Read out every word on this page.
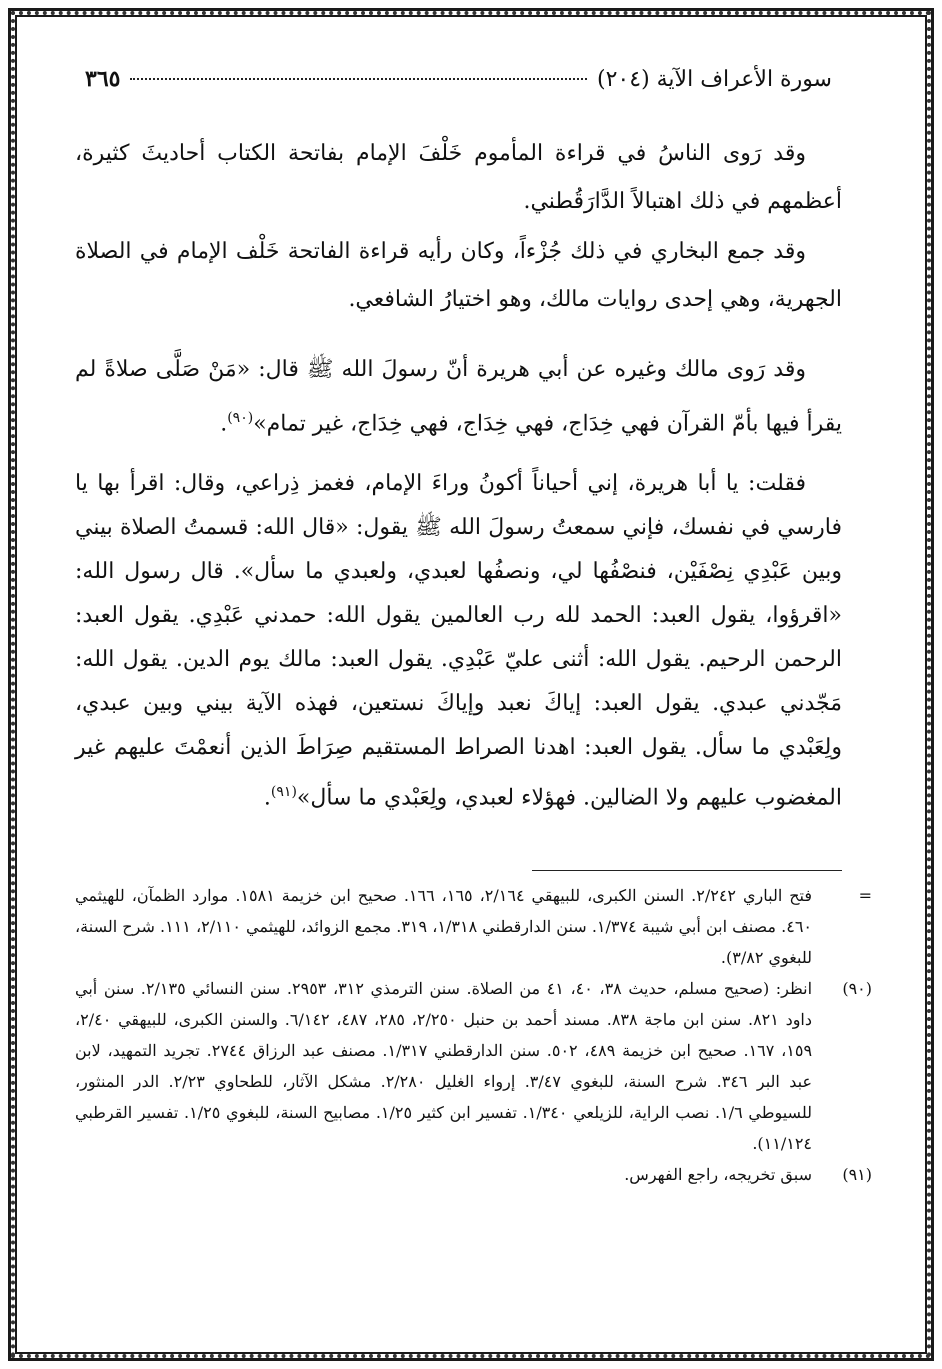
سورة الأعراف الآية (٢٠٤)
٣٦٥

وقد رَوى الناسُ في قراءة المأموم خَلْفَ الإمام بفاتحة الكتاب أحاديثَ كثيرة، أعظمهم في ذلك اهتبالاً الدَّارَقُطني.

وقد جمع البخاري في ذلك جُزْءاً، وكان رأيه قراءة الفاتحة خَلْف الإمام في الصلاة الجهرية، وهي إحدى روايات مالك، وهو اختيارُ الشافعي.

وقد رَوى مالك وغيره عن أبي هريرة أنّ رسولَ الله ﷺ قال: «مَنْ صَلَّى صلاةً لم يقرأ فيها بأمّ القرآن فهي خِدَاج، فهي خِدَاج، فهي خِدَاج، غير تمام»$^{(٩٠)}$.

فقلت: يا أبا هريرة، إني أحياناً أكونُ وراءَ الإمام، فغمز ذِراعي، وقال: اقرأ بها يا فارسي في نفسك، فإني سمعتُ رسولَ الله ﷺ يقول: «قال الله: قسمتُ الصلاة بيني وبين عَبْدِي نِصْفَيْن، فنصْفُها لي، ونصفُها لعبدي، ولعبدي ما سأل». قال رسول الله: «اقرؤوا، يقول العبد: الحمد لله رب العالمين يقول الله: حمدني عَبْدِي. يقول العبد: الرحمن الرحيم. يقول الله: أثنى عليّ عَبْدِي. يقول العبد: مالك يوم الدين. يقول الله: مَجّدني عبدي. يقول العبد: إياكَ نعبد وإياكَ نستعين، فهذه الآية بيني وبين عبدي، ولِعَبْدي ما سأل. يقول العبد: اهدنا الصراط المستقيم صِرَاطَ الذين أنعمْتَ عليهم غير المغضوب عليهم ولا الضالين. فهؤلاء لعبدي، ولِعَبْدي ما سأل»$^{(٩١)}$.

=
فتح الباري ٢/٢٤٢. السنن الكبرى، للبيهقي ٢/١٦٤، ١٦٥، ١٦٦. صحيح ابن خزيمة ١٥٨١. موارد الظمآن، للهيثمي ٤٦٠. مصنف ابن أبي شيبة ١/٣٧٤. سنن الدارقطني ١/٣١٨، ٣١٩. مجمع الزوائد، للهيثمي ٢/١١٠، ١١١. شرح السنة، للبغوي ٣/٨٢).
(٩٠)
انظر: (صحيح مسلم، حديث ٣٨، ٤٠، ٤١ من الصلاة. سنن الترمذي ٣١٢، ٢٩٥٣. سنن النسائي ٢/١٣٥. سنن أبي داود ٨٢١. سنن ابن ماجة ٨٣٨. مسند أحمد بن حنبل ٢/٢٥٠، ٢٨٥، ٤٨٧، ٦/١٤٢. والسنن الكبرى، للبيهقي ٢/٤٠، ١٥٩، ١٦٧. صحيح ابن خزيمة ٤٨٩، ٥٠٢. سنن الدارقطني ١/٣١٧. مصنف عبد الرزاق ٢٧٤٤. تجريد التمهيد، لابن عبد البر ٣٤٦. شرح السنة، للبغوي ٣/٤٧. إرواء الغليل ٢/٢٨٠. مشكل الآثار، للطحاوي ٢/٢٣. الدر المنثور، للسيوطي ١/٦. نصب الراية، للزيلعي ١/٣٤٠. تفسير ابن كثير ١/٢٥. مصابيح السنة، للبغوي ١/٢٥. تفسير القرطبي ١١/١٢٤).
(٩١)
سبق تخريجه، راجع الفهرس.
